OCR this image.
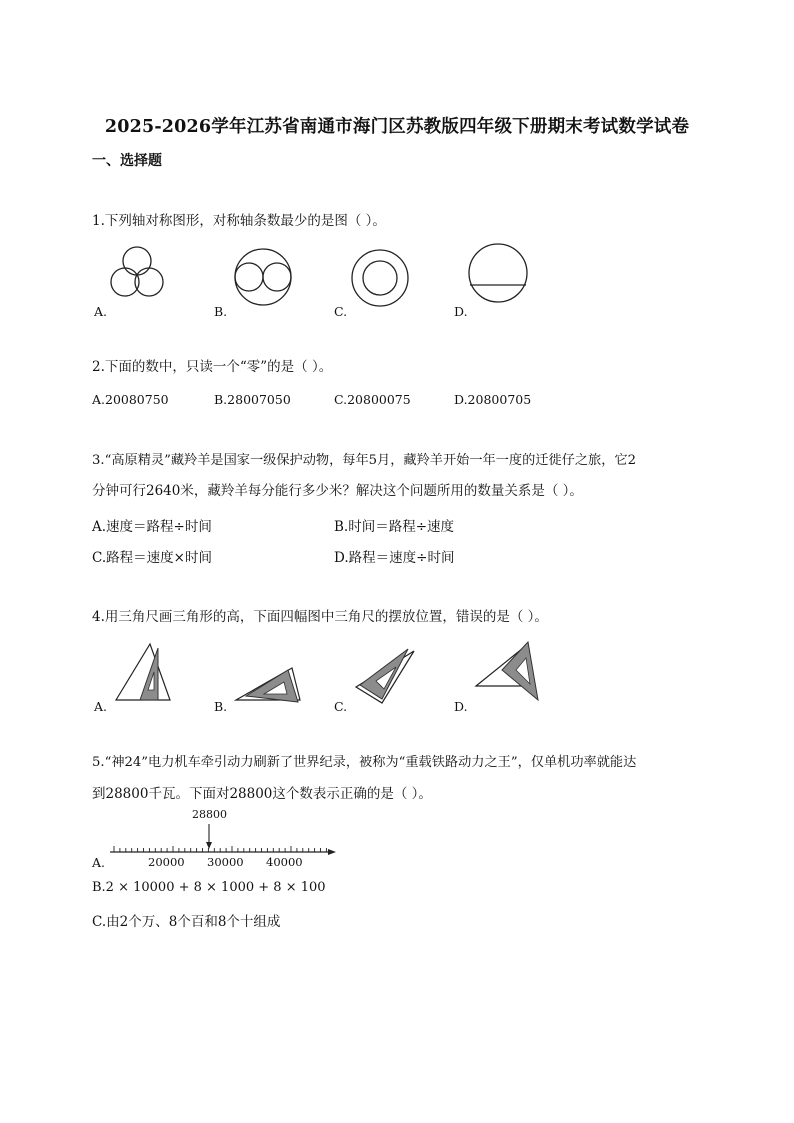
2025-2026学年江苏省南通市海门区苏教版四年级下册期末考试数学试卷
一、选择题
1.下列轴对称图形，对称轴条数最少的是图（ ）。
A.	B.	C.	D.
2.下面的数中，只读一个“零”的是（ ）。
A.20080750	B.28007050	C.20800075	D.20800705
3.“高原精灵”藏羚羊是国家一级保护动物，每年5月，藏羚羊开始一年一度的迁徙仔之旅，它2
分钟可行2640米，藏羚羊每分能行多少米？解决这个问题所用的数量关系是（ ）。
A.速度＝路程÷时间	B.时间＝路程÷速度
C.路程＝速度×时间	D.路程＝速度÷时间
4.用三角尺画三角形的高，下面四幅图中三角尺的摆放位置，错误的是（ ）。
A.	B.	C.	D.
5.“神24”电力机车牵引动力刷新了世界纪录，被称为“重载铁路动力之王”，仅单机功率就能达
到28800千瓦。下面对28800这个数表示正确的是（ ）。
28800
20000 30000 40000
A.
B.2 × 10000 + 8 × 1000 + 8 × 100
C.由2个万、8个百和8个十组成
